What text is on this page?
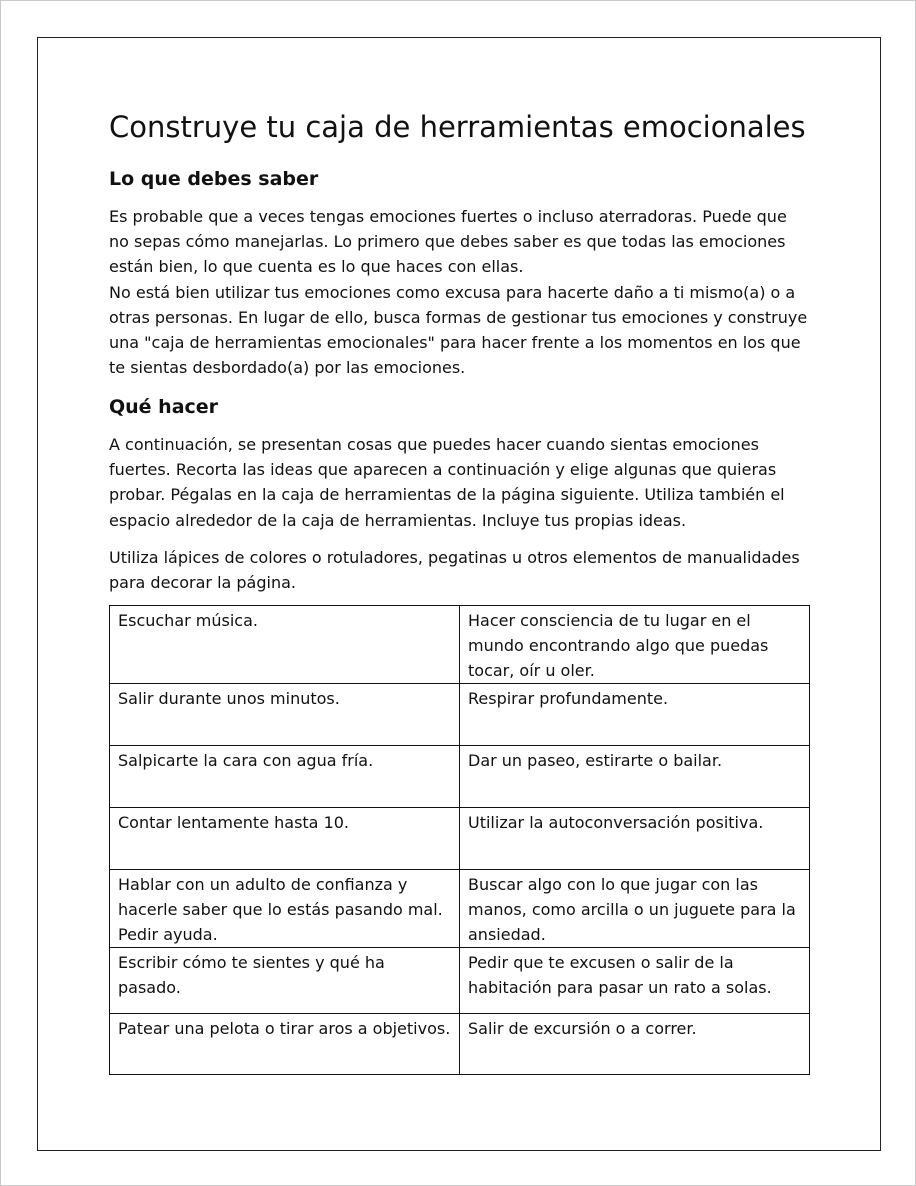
Construye tu caja de herramientas emocionales
Lo que debes saber
Es probable que a veces tengas emociones fuertes o incluso aterradoras. Puede que no sepas cómo manejarlas. Lo primero que debes saber es que todas las emociones están bien, lo que cuenta es lo que haces con ellas.
No está bien utilizar tus emociones como excusa para hacerte daño a ti mismo(a) o a otras personas. En lugar de ello, busca formas de gestionar tus emociones y construye una "caja de herramientas emocionales" para hacer frente a los momentos en los que te sientas desbordado(a) por las emociones.
Qué hacer
A continuación, se presentan cosas que puedes hacer cuando sientas emociones fuertes. Recorta las ideas que aparecen a continuación y elige algunas que quieras probar. Pégalas en la caja de herramientas de la página siguiente. Utiliza también el espacio alrededor de la caja de herramientas. Incluye tus propias ideas.
Utiliza lápices de colores o rotuladores, pegatinas u otros elementos de manualidades para decorar la página.
Escuchar música.	Hacer consciencia de tu lugar en el mundo encontrando algo que puedas tocar, oír u oler.
Salir durante unos minutos.	Respirar profundamente.
Salpicarte la cara con agua fría.	Dar un paseo, estirarte o bailar.
Contar lentamente hasta 10.	Utilizar la autoconversación positiva.
Hablar con un adulto de confianza y hacerle saber que lo estás pasando mal. Pedir ayuda.	Buscar algo con lo que jugar con las manos, como arcilla o un juguete para la ansiedad.
Escribir cómo te sientes y qué ha pasado.	Pedir que te excusen o salir de la habitación para pasar un rato a solas.
Patear una pelota o tirar aros a objetivos.	Salir de excursión o a correr.
